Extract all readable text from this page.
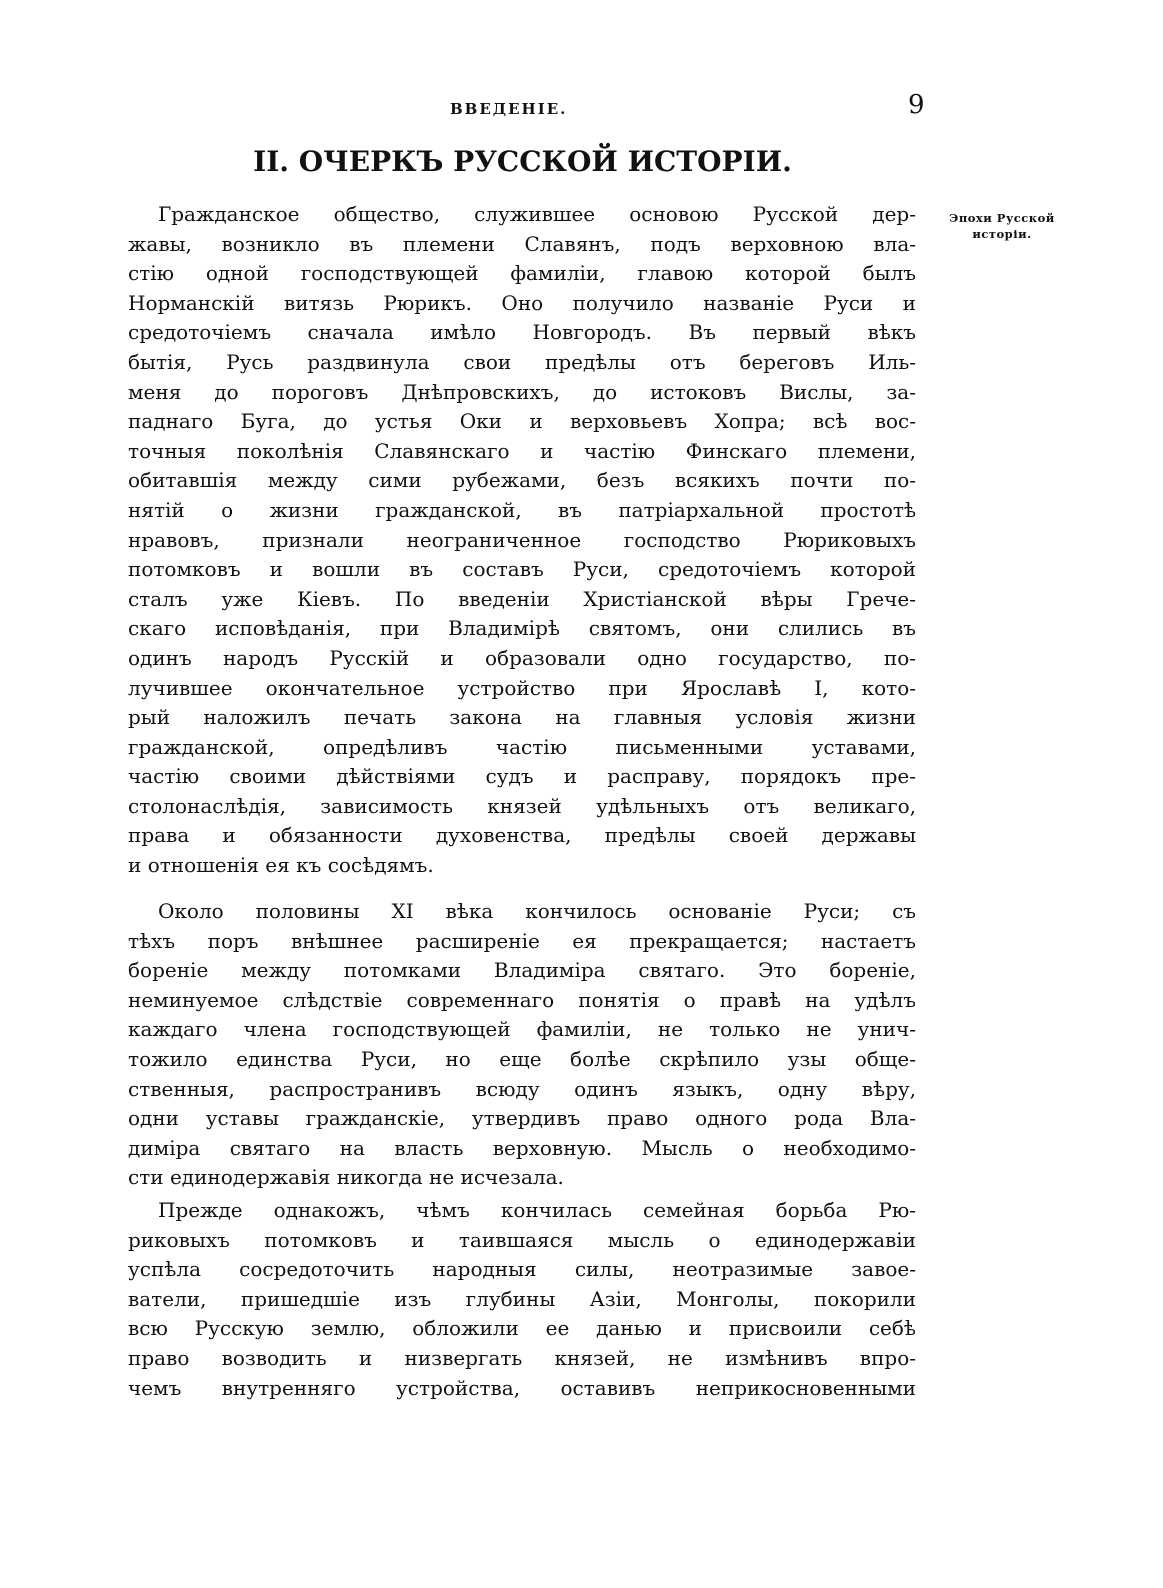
ВВЕДЕНІЕ.	9
II. ОЧЕРКЪ РУССКОЙ ИСТОРІИ.
Эпохи Русской
исторіи.
Гражданское общество, служившее основою Русской дер-
жавы, возникло въ племени Славянъ, подъ верховною вла-
стію одной господствующей фамиліи, главою которой былъ
Норманскій витязь Рюрикъ. Оно получило названіе Руси и
средоточіемъ сначала имѣло Новгородъ. Въ первый вѣкъ
бытія, Русь раздвинула свои предѣлы отъ береговъ Иль-
меня до пороговъ Днѣпровскихъ, до истоковъ Вислы, за-
паднаго Буга, до устья Оки и верховьевъ Хопра; всѣ вос-
точныя поколѣнія Славянскаго и частію Финскаго племени,
обитавшія между сими рубежами, безъ всякихъ почти по-
нятій о жизни гражданской, въ патріархальной простотѣ
нравовъ, признали неограниченное господство Рюриковыхъ
потомковъ и вошли въ составъ Руси, средоточіемъ которой
сталъ уже Кіевъ. По введеніи Христіанской вѣры Грече-
скаго исповѣданія, при Владимірѣ святомъ, они слились въ
одинъ народъ Русскій и образовали одно государство, по-
лучившее окончательное устройство при Ярославѣ I, кото-
рый наложилъ печать закона на главныя условія жизни
гражданской, опредѣливъ частію письменными уставами,
частію своими дѣйствіями судъ и расправу, порядокъ пре-
столонаслѣдія, зависимость князей удѣльныхъ отъ великаго,
права и обязанности духовенства, предѣлы своей державы
и отношенія ея къ сосѣдямъ.
Около половины XI вѣка кончилось основаніе Руси; съ
тѣхъ поръ внѣшнее расширеніе ея прекращается; настаетъ
бореніе между потомками Владиміра святаго. Это бореніе,
неминуемое слѣдствіе современнаго понятія о правѣ на удѣлъ
каждаго члена господствующей фамиліи, не только не унич-
тожило единства Руси, но еще болѣе скрѣпило узы обще-
ственныя, распространивъ всюду одинъ языкъ, одну вѣру,
одни уставы гражданскіе, утвердивъ право одного рода Вла-
диміра святаго на власть верховную. Мысль о необходимо-
сти единодержавія никогда не исчезала.
Прежде однакожъ, чѣмъ кончилась семейная борьба Рю-
риковыхъ потомковъ и таившаяся мысль о единодержавіи
успѣла сосредоточить народныя силы, неотразимые завое-
ватели, пришедшіе изъ глубины Азіи, Монголы, покорили
всю Русскую землю, обложили ее данью и присвоили себѣ
право возводить и низвергать князей, не измѣнивъ впро-
чемъ внутренняго устройства, оставивъ неприкосновенными
